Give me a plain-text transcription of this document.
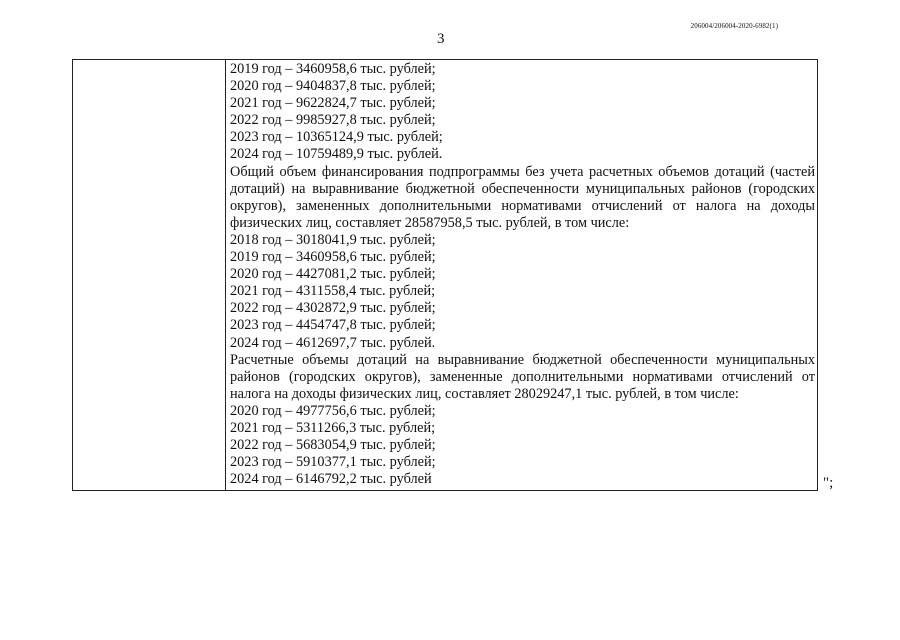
206004/206004-2020-6982(1)
3
2019 год – 3460958,6 тыс. рублей;
2020 год – 9404837,8 тыс. рублей;
2021 год – 9622824,7 тыс. рублей;
2022 год – 9985927,8 тыс. рублей;
2023 год – 10365124,9 тыс. рублей;
2024 год – 10759489,9 тыс. рублей.
Общий объем финансирования подпрограммы без учета расчетных объемов дотаций (частей дотаций) на выравнивание бюджетной обеспеченности муниципальных районов (городских округов), замененных дополнительными нормативами отчислений от налога на доходы физических лиц, составляет 28587958,5 тыс. рублей, в том числе:
2018 год – 3018041,9 тыс. рублей;
2019 год – 3460958,6 тыс. рублей;
2020 год – 4427081,2 тыс. рублей;
2021 год – 4311558,4 тыс. рублей;
2022 год – 4302872,9 тыс. рублей;
2023 год – 4454747,8 тыс. рублей;
2024 год – 4612697,7 тыс. рублей.
Расчетные объемы дотаций на выравнивание бюджетной обеспеченности муниципальных районов (городских округов), замененные дополнительными нормативами отчислений от налога на доходы физических лиц, составляет 28029247,1 тыс. рублей, в том числе:
2020 год – 4977756,6 тыс. рублей;
2021 год – 5311266,3 тыс. рублей;
2022 год – 5683054,9 тыс. рублей;
2023 год – 5910377,1 тыс. рублей;
2024 год – 6146792,2 тыс. рублей	";
